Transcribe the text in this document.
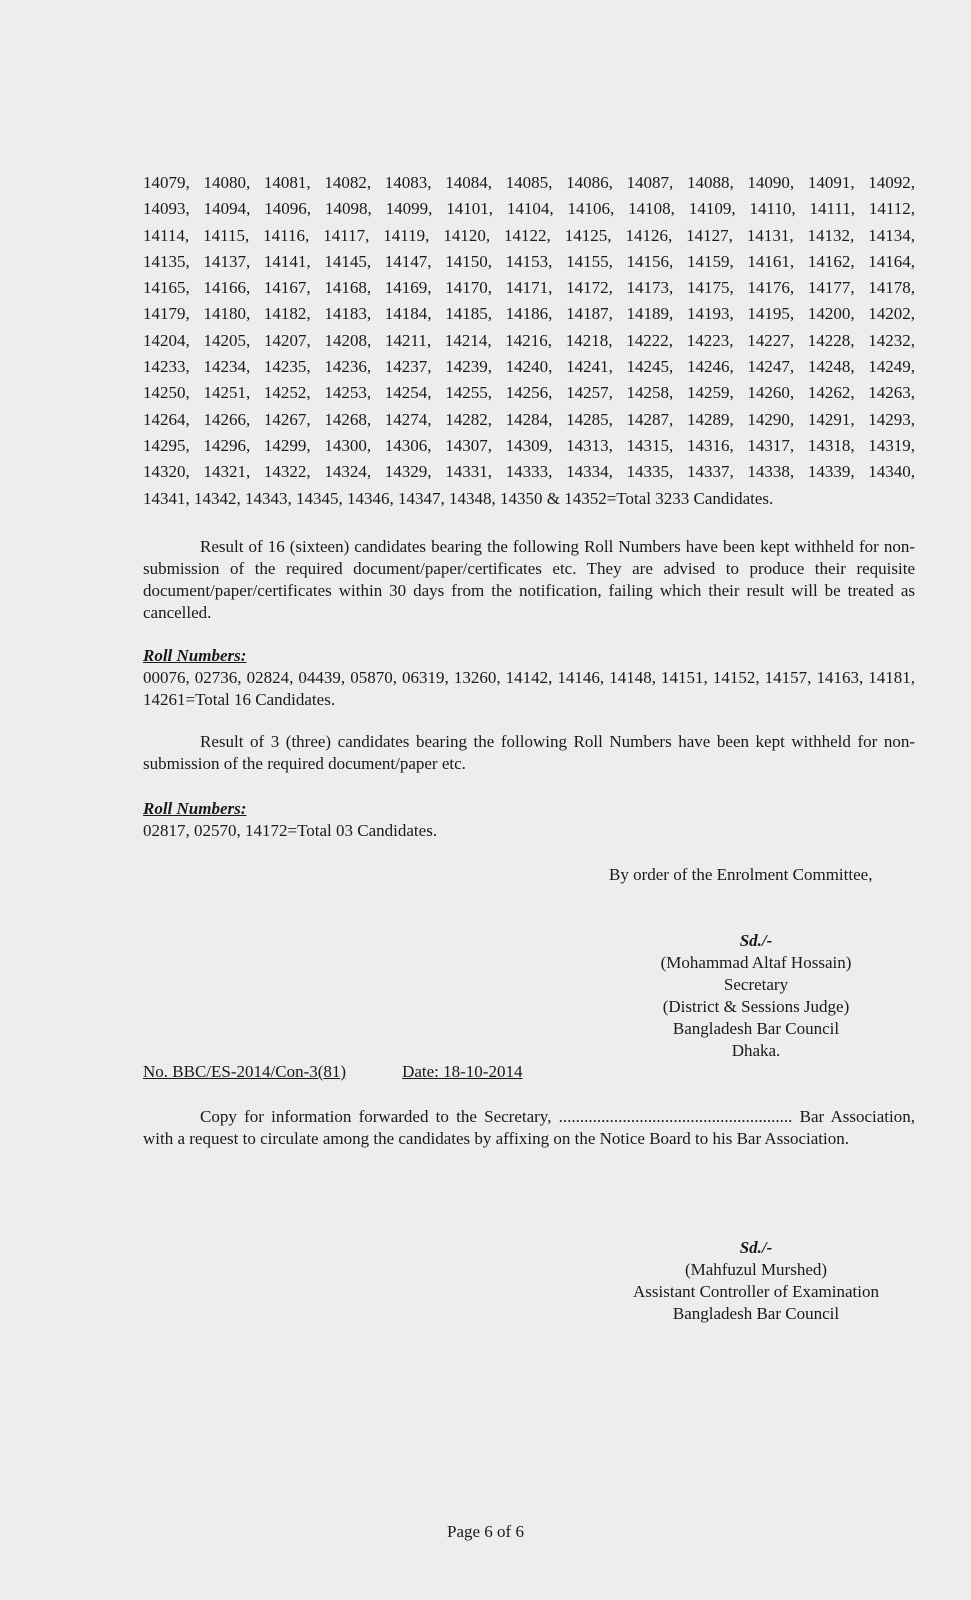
14079, 14080, 14081, 14082, 14083, 14084, 14085, 14086, 14087, 14088, 14090, 14091, 14092,
14093, 14094, 14096, 14098, 14099, 14101, 14104, 14106, 14108, 14109, 14110, 14111, 14112,
14114, 14115, 14116, 14117, 14119, 14120, 14122, 14125, 14126, 14127, 14131, 14132, 14134,
14135, 14137, 14141, 14145, 14147, 14150, 14153, 14155, 14156, 14159, 14161, 14162, 14164,
14165, 14166, 14167, 14168, 14169, 14170, 14171, 14172, 14173, 14175, 14176, 14177, 14178,
14179, 14180, 14182, 14183, 14184, 14185, 14186, 14187, 14189, 14193, 14195, 14200, 14202,
14204, 14205, 14207, 14208, 14211, 14214, 14216, 14218, 14222, 14223, 14227, 14228, 14232,
14233, 14234, 14235, 14236, 14237, 14239, 14240, 14241, 14245, 14246, 14247, 14248, 14249,
14250, 14251, 14252, 14253, 14254, 14255, 14256, 14257, 14258, 14259, 14260, 14262, 14263,
14264, 14266, 14267, 14268, 14274, 14282, 14284, 14285, 14287, 14289, 14290, 14291, 14293,
14295, 14296, 14299, 14300, 14306, 14307, 14309, 14313, 14315, 14316, 14317, 14318, 14319,
14320, 14321, 14322, 14324, 14329, 14331, 14333, 14334, 14335, 14337, 14338, 14339, 14340,
14341, 14342, 14343, 14345, 14346, 14347, 14348, 14350 & 14352=Total 3233 Candidates.
Result of 16 (sixteen) candidates bearing the following Roll Numbers have been kept withheld for non-submission of the required document/paper/certificates etc. They are advised to produce their requisite document/paper/certificates within 30 days from the notification, failing which their result will be treated as cancelled.
Roll Numbers:
00076, 02736, 02824, 04439, 05870, 06319, 13260, 14142, 14146, 14148, 14151, 14152, 14157, 14163, 14181, 14261=Total 16 Candidates.
Result of 3 (three) candidates bearing the following Roll Numbers have been kept withheld for non-submission of the required document/paper etc.
Roll Numbers:
02817, 02570, 14172=Total 03 Candidates.
By order of the Enrolment Committee,
Sd./-
(Mohammad Altaf Hossain)
Secretary
(District & Sessions Judge)
Bangladesh Bar Council
Dhaka.
No. BBC/ES-2014/Con-3(81)	Date: 18-10-2014
Copy for information forwarded to the Secretary, ....................................................... Bar Association, with a request to circulate among the candidates by affixing on the Notice Board to his Bar Association.
Sd./-
(Mahfuzul Murshed)
Assistant Controller of Examination
Bangladesh Bar Council
Page 6 of 6
